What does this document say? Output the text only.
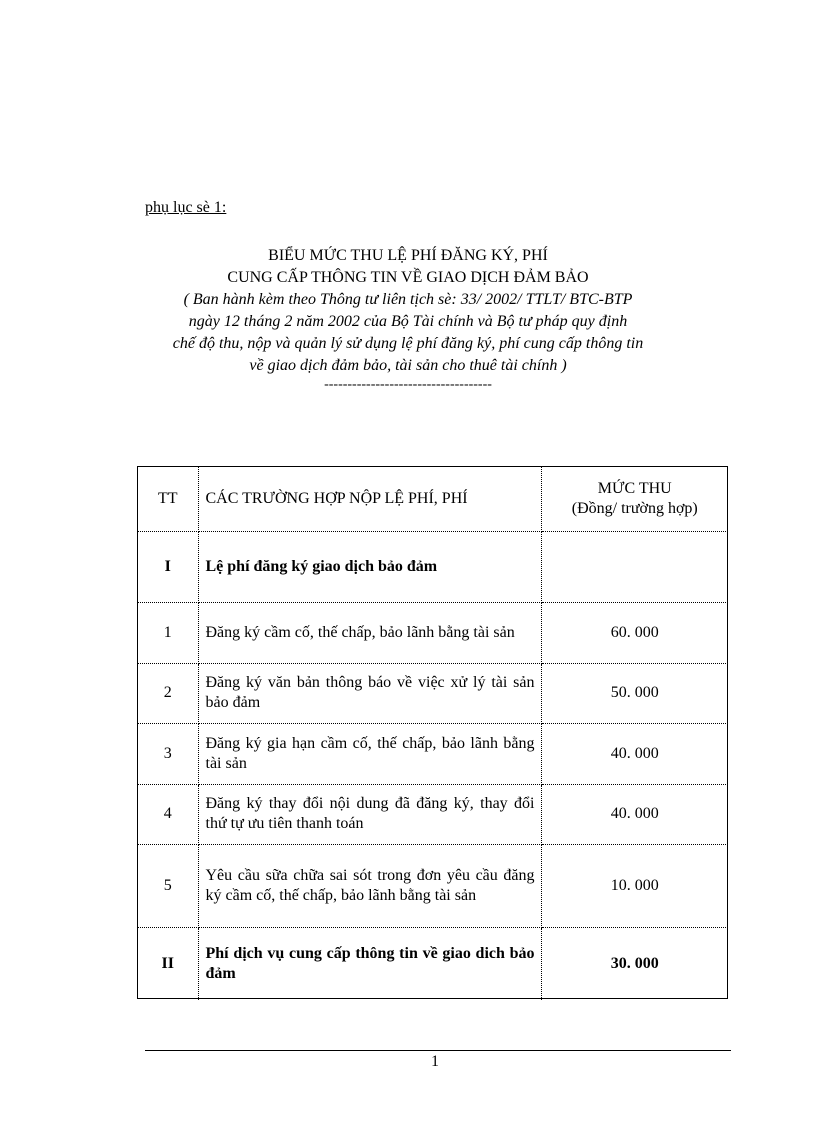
phụ lục sè 1:
BIỂU MỨC THU LỆ PHÍ ĐĂNG KÝ, PHÍ
CUNG CẤP THÔNG TIN VỀ GIAO DỊCH ĐẢM BẢO
( Ban hành kèm theo Thông tư liên tịch sè: 33/ 2002/ TTLT/ BTC-BTP
ngày 12 tháng 2 năm 2002 của Bộ Tài chính và Bộ tư pháp quy định
chế độ thu, nộp và quản lý sử dụng lệ phí đăng ký, phí cung cấp thông tin
về giao dịch đảm bảo, tài sản cho thuê tài chính )
------------------------------------
TT	CÁC TRƯỜNG HỢP NỘP LỆ PHÍ, PHÍ	MỨC THU
(Đồng/ trường hợp)

I	Lệ phí đăng ký giao dịch bảo đảm	
1	Đăng ký cầm cố, thế chấp, bảo lãnh bằng tài sản	60. 000
2	Đăng ký văn bản thông báo về việc xử lý tài sản bảo đảm	50. 000
3	Đăng ký gia hạn cầm cố, thế chấp, bảo lãnh bằng tài sản	40. 000
4	Đăng ký thay đổi nội dung đã đăng ký, thay đổi thứ tự ưu tiên thanh toán	40. 000
5	Yêu cầu sữa chữa sai sót trong đơn yêu cầu đăng ký cầm cố, thế chấp, bảo lãnh bằng tài sản	10. 000
II	Phí dịch vụ cung cấp thông tin về giao dich bảo đảm	30. 000
1
